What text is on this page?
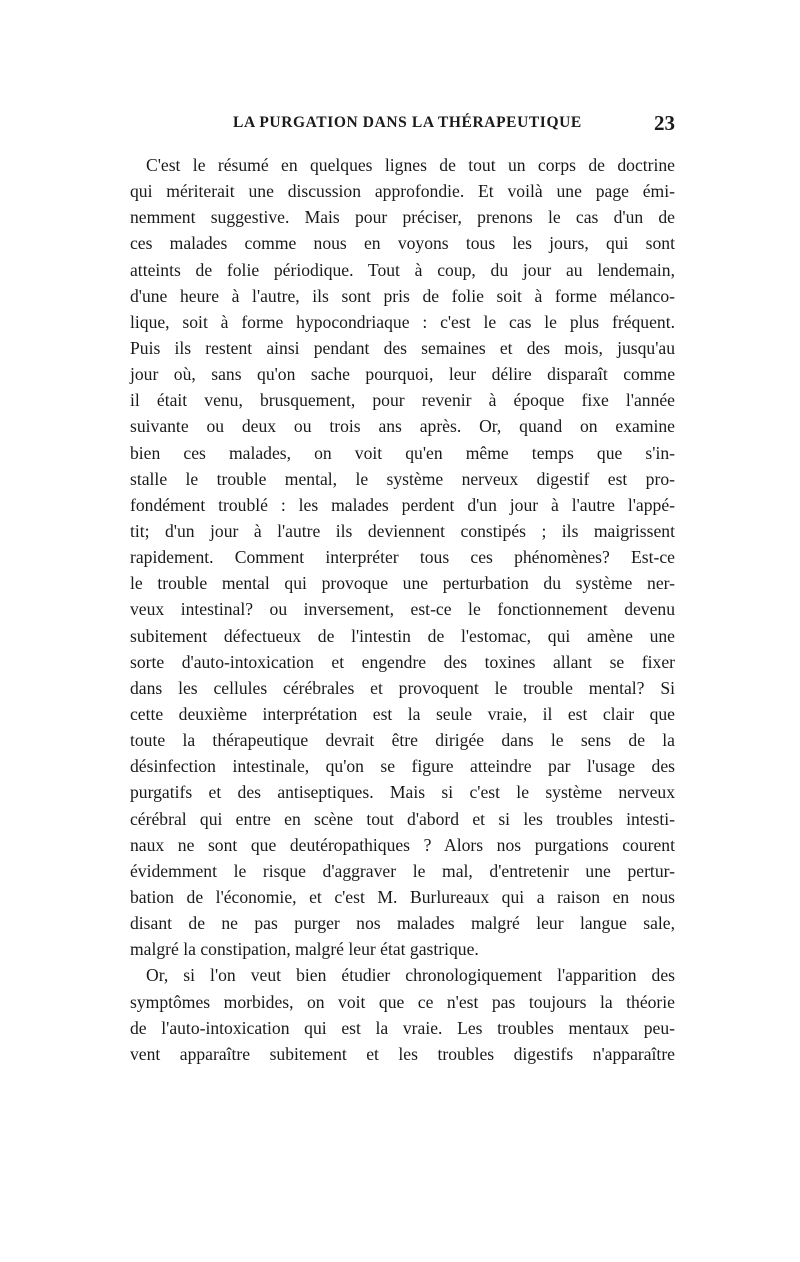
LA PURGATION DANS LA THÉRAPEUTIQUE	23
C'est le résumé en quelques lignes de tout un corps de doctrine
qui mériterait une discussion approfondie. Et voilà une page émi-
nemment suggestive. Mais pour préciser, prenons le cas d'un de
ces malades comme nous en voyons tous les jours, qui sont
atteints de folie périodique. Tout à coup, du jour au lendemain,
d'une heure à l'autre, ils sont pris de folie soit à forme mélanco-
lique, soit à forme hypocondriaque : c'est le cas le plus fréquent.
Puis ils restent ainsi pendant des semaines et des mois, jusqu'au
jour où, sans qu'on sache pourquoi, leur délire disparaît comme
il était venu, brusquement, pour revenir à époque fixe l'année
suivante ou deux ou trois ans après. Or, quand on examine
bien ces malades, on voit qu'en même temps que s'in-
stalle le trouble mental, le système nerveux digestif est pro-
fondément troublé : les malades perdent d'un jour à l'autre l'appé-
tit; d'un jour à l'autre ils deviennent constipés ; ils maigrissent
rapidement. Comment interpréter tous ces phénomènes? Est-ce
le trouble mental qui provoque une perturbation du système ner-
veux intestinal? ou inversement, est-ce le fonctionnement devenu
subitement défectueux de l'intestin de l'estomac, qui amène une
sorte d'auto-intoxication et engendre des toxines allant se fixer
dans les cellules cérébrales et provoquent le trouble mental? Si
cette deuxième interprétation est la seule vraie, il est clair que
toute la thérapeutique devrait être dirigée dans le sens de la
désinfection intestinale, qu'on se figure atteindre par l'usage des
purgatifs et des antiseptiques. Mais si c'est le système nerveux
cérébral qui entre en scène tout d'abord et si les troubles intesti-
naux ne sont que deutéropathiques ? Alors nos purgations courent
évidemment le risque d'aggraver le mal, d'entretenir une pertur-
bation de l'économie, et c'est M. Burlureaux qui a raison en nous
disant de ne pas purger nos malades malgré leur langue sale,
malgré la constipation, malgré leur état gastrique.
Or, si l'on veut bien étudier chronologiquement l'apparition des
symptômes morbides, on voit que ce n'est pas toujours la théorie
de l'auto-intoxication qui est la vraie. Les troubles mentaux peu-
vent apparaître subitement et les troubles digestifs n'apparaître
